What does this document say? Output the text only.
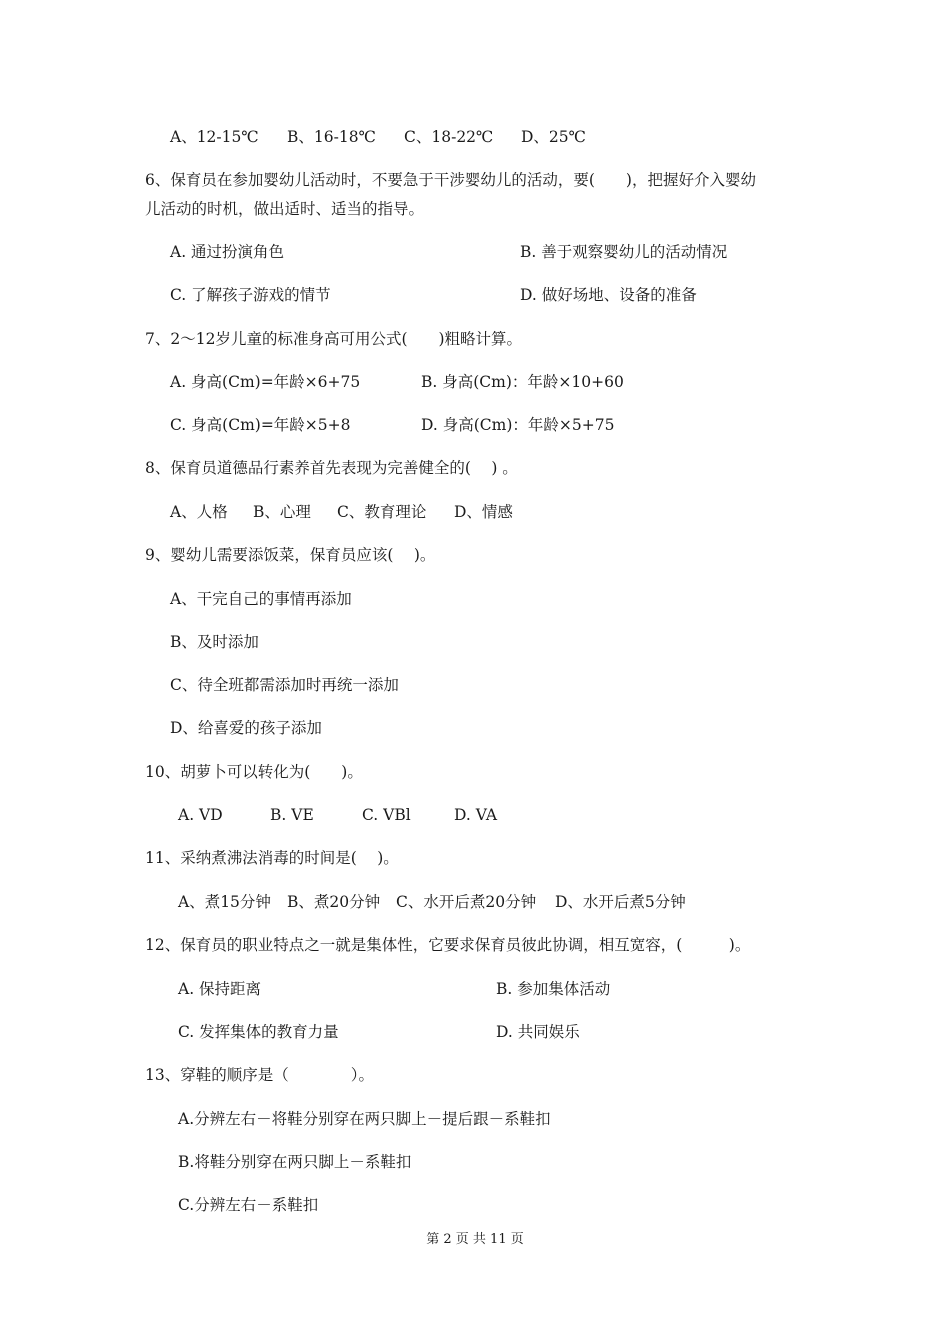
A、12-15℃ B、16-18℃ C、18-22℃ D、25℃
6、保育员在参加婴幼儿活动时，不要急于干涉婴幼儿的活动，要(　　)，把握好介入婴幼
儿活动的时机，做出适时、适当的指导。
A. 通过扮演角色	B. 善于观察婴幼儿的活动情况
C. 了解孩子游戏的情节	D. 做好场地、设备的准备
7、2～12岁儿童的标准身高可用公式(　　)粗略计算。
A. 身高(Cm)=年龄×6+75	B. 身高(Cm)：年龄×10+60
C. 身高(Cm)=年龄×5+8	D. 身高(Cm)：年龄×5+75
8、保育员道德品行素养首先表现为完善健全的(　 ) 。
A、人格 B、心理 C、教育理论 D、情感
9、婴幼儿需要添饭菜，保育员应该(　 )。
A、干完自己的事情再添加
B、及时添加
C、待全班都需添加时再统一添加
D、给喜爱的孩子添加
10、胡萝卜可以转化为(　　)。
A. VD	B. VE	C. VBl	D. VA
11、采纳煮沸法消毒的时间是(　 )。
A、煮15分钟 B、煮20分钟 C、水开后煮20分钟 D、水开后煮5分钟
12、保育员的职业特点之一就是集体性，它要求保育员彼此协调，相互宽容，(　　　)。
A. 保持距离	B. 参加集体活动
C. 发挥集体的教育力量	D. 共同娱乐
13、穿鞋的顺序是（　　　　）。
A.分辨左右－将鞋分别穿在两只脚上－提后跟－系鞋扣
B.将鞋分别穿在两只脚上－系鞋扣
C.分辨左右－系鞋扣
第 2 页 共 11 页
